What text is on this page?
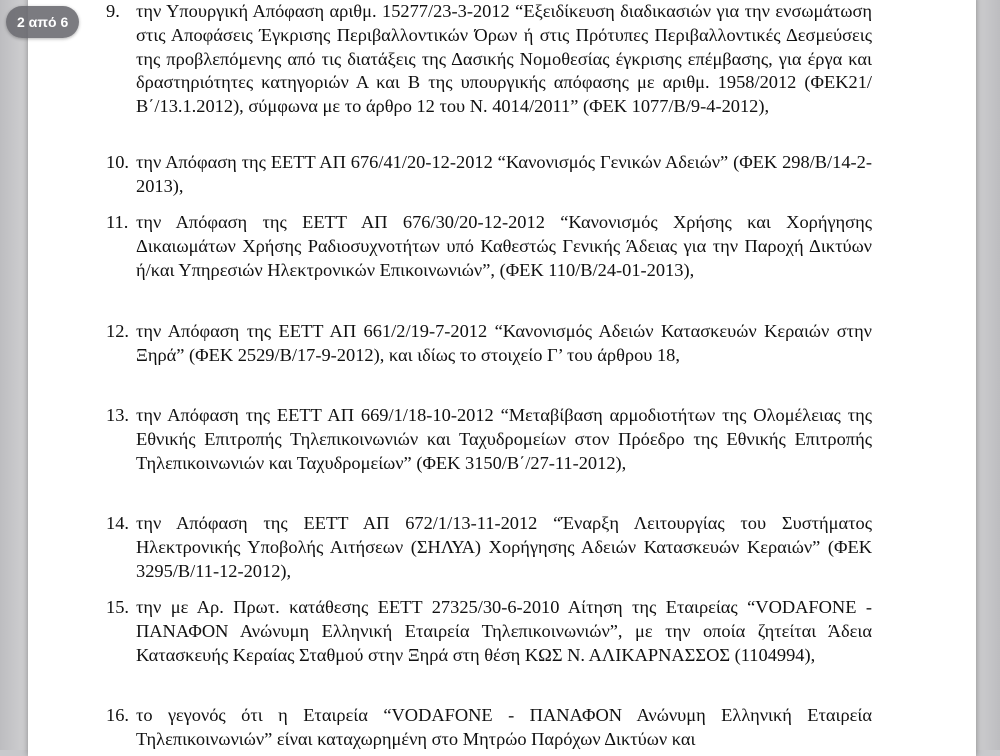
9. την Υπουργική Απόφαση αριθμ. 15277/23-3-2012 “Εξειδίκευση διαδικασιών για την ενσωμάτωση στις Αποφάσεις Έγκρισης Περιβαλλοντικών Όρων ή στις Πρότυπες Περιβαλλοντικές Δεσμεύσεις της προβλεπόμενης από τις διατάξεις της Δασικής Νομοθεσίας έγκρισης επέμβασης, για έργα και δραστηριότητες κατηγοριών Α και Β της υπουργικής απόφασης με αριθμ. 1958/2012 (ΦΕΚ21/Β΄/13.1.2012), σύμφωνα με το άρθρο 12 του Ν. 4014/2011” (ΦΕΚ 1077/Β/9-4-2012),
10. την Απόφαση της ΕΕΤΤ ΑΠ 676/41/20-12-2012 “Κανονισμός Γενικών Αδειών” (ΦΕΚ 298/Β/14-2-2013),
11. την Απόφαση της ΕΕΤΤ ΑΠ 676/30/20-12-2012 “Κανονισμός Χρήσης και Χορήγησης Δικαιωμάτων Χρήσης Ραδιοσυχνοτήτων υπό Καθεστώς Γενικής Άδειας για την Παροχή Δικτύων ή/και Υπηρεσιών Ηλεκτρονικών Επικοινωνιών”, (ΦΕΚ 110/Β/24-01-2013),
12. την Απόφαση της ΕΕΤΤ ΑΠ 661/2/19-7-2012 “Κανονισμός Αδειών Κατασκευών Κεραιών στην Ξηρά” (ΦΕΚ 2529/Β/17-9-2012), και ιδίως το στοιχείο Γ’ του άρθρου 18,
13. την Απόφαση της ΕΕΤΤ ΑΠ 669/1/18-10-2012 “Μεταβίβαση αρμοδιοτήτων της Ολομέλειας της Εθνικής Επιτροπής Τηλεπικοινωνιών και Ταχυδρομείων στον Πρόεδρο της Εθνικής Επιτροπής Τηλεπικοινωνιών και Ταχυδρομείων” (ΦΕΚ 3150/Β΄/27-11-2012),
14. την Απόφαση της ΕΕΤΤ ΑΠ 672/1/13-11-2012 “Έναρξη Λειτουργίας του Συστήματος Ηλεκτρονικής Υποβολής Αιτήσεων (ΣΗΛΥΑ) Χορήγησης Αδειών Κατασκευών Κεραιών” (ΦΕΚ 3295/Β/11-12-2012),
15. την με Αρ. Πρωτ. κατάθεσης ΕΕΤΤ 27325/30-6-2010 Αίτηση της Εταιρείας “VODAFONE - ΠΑΝΑΦΟΝ Ανώνυμη Ελληνική Εταιρεία Τηλεπικοινωνιών”, με την οποία ζητείται Άδεια Κατασκευής Κεραίας Σταθμού στην Ξηρά στη θέση ΚΩΣ Ν. ΑΛΙΚΑΡΝΑΣΣΟΣ (1104994),
16. το γεγονός ότι η Εταιρεία “VODAFONE - ΠΑΝΑΦΟΝ Ανώνυμη Ελληνική Εταιρεία Τηλεπικοινωνιών” είναι καταχωρημένη στο Μητρώο Παρόχων Δικτύων και
2 από 6
